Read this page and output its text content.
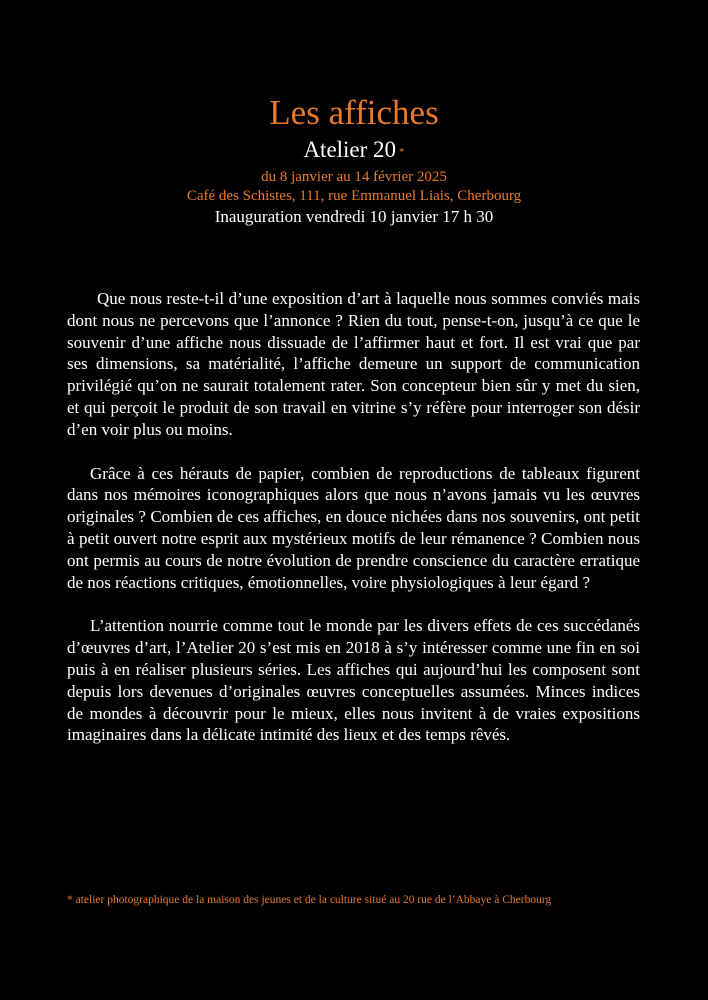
Les affiches
Atelier 20 *
du 8 janvier au 14 février 2025
Café des Schistes, 111, rue Emmanuel Liais, Cherbourg
Inauguration vendredi 10 janvier 17 h 30

Que nous reste-t-il d’une exposition d’art à laquelle nous sommes conviés mais dont nous ne percevons que l’annonce ? Rien du tout, pense-t-on, jusqu’à ce que le souvenir d’une affiche nous dissuade de l’affirmer haut et fort. Il est vrai que par ses dimensions, sa matérialité, l’affiche demeure un support de communication privilégié qu’on ne saurait totalement rater. Son concepteur bien sûr y met du sien, et qui perçoit le produit de son travail en vitrine s’y réfère pour interroger son désir d’en voir plus ou moins.

Grâce à ces hérauts de papier, combien de reproductions de tableaux figurent dans nos mémoires iconographiques alors que nous n’avons jamais vu les œuvres originales ? Combien de ces affiches, en douce nichées dans nos souvenirs, ont petit à petit ouvert notre esprit aux mystérieux motifs de leur rémanence ? Combien nous ont permis au cours de notre évolution de prendre conscience du caractère erratique de nos réactions critiques, émotionnelles, voire physiologiques à leur égard ?

L’attention nourrie comme tout le monde par les divers effets de ces succédanés d’œuvres d’art, l’Atelier 20 s’est mis en 2018 à s’y intéresser comme une fin en soi puis à en réaliser plusieurs séries. Les affiches qui aujourd’hui les composent sont depuis lors devenues d’originales œuvres conceptuelles assumées. Minces indices de mondes à découvrir pour le mieux, elles nous invitent à de vraies expositions imaginaires dans la délicate intimité des lieux et des temps rêvés.

* atelier photographique de la maison des jeunes et de la culture situé au 20 rue de l’Abbaye à Cherbourg
